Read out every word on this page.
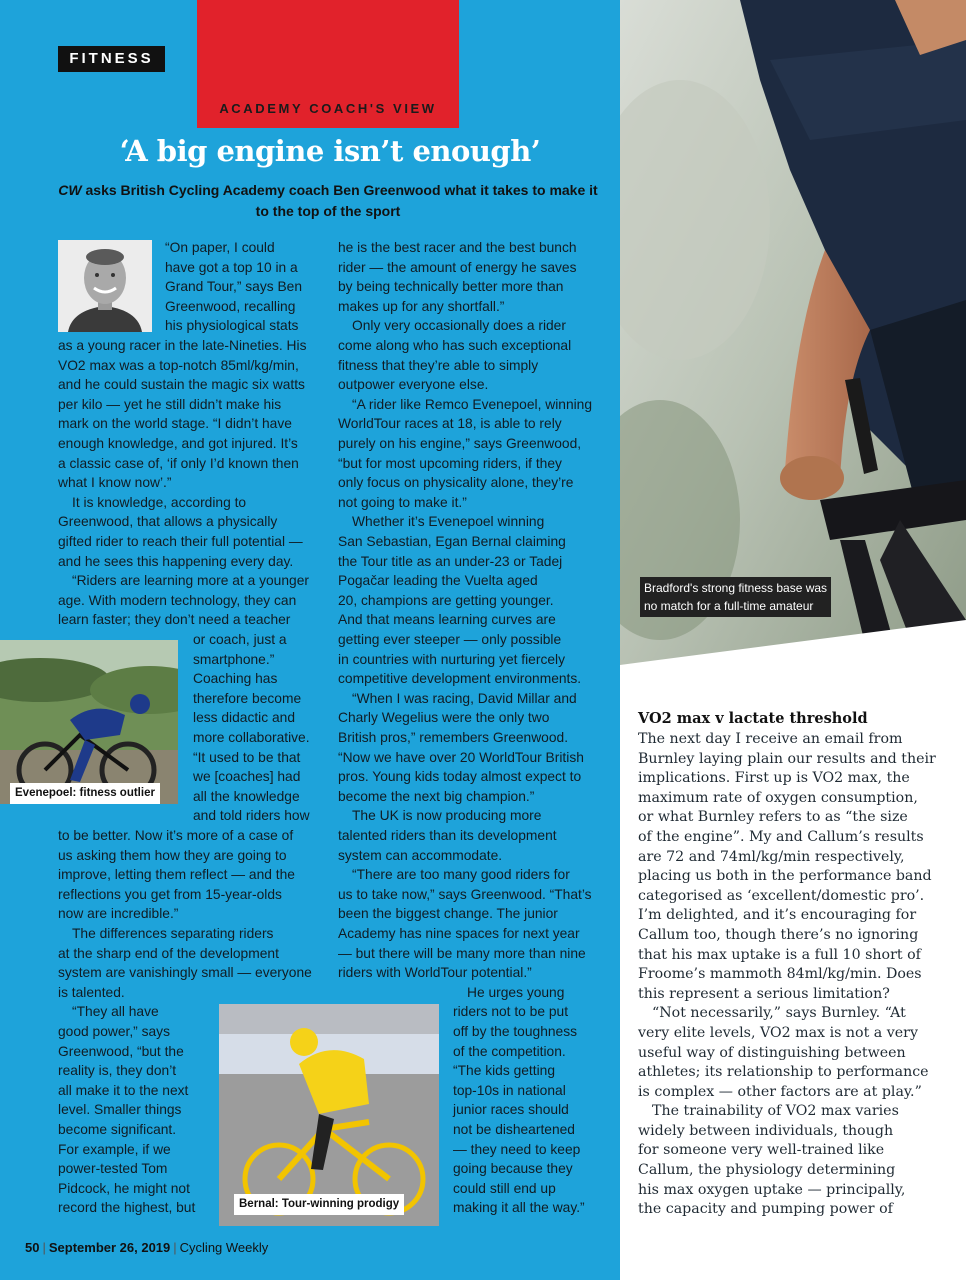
Bradford's strong fitness base was
no match for a full-time amateur
FITNESS
ACADEMY COACH'S VIEW
‘A big engine isn’t enough’
CW asks British Cycling Academy coach Ben Greenwood what it takes to make it to the top of the sport
Evenepoel: fitness outlier
Bernal: Tour-winning prodigy
“On paper, I could
have got a top 10 in a
Grand Tour,” says Ben
Greenwood, recalling
his physiological stats
as a young racer in the late-Nineties. His
VO2 max was a top-notch 85ml/kg/min,
and he could sustain the magic six watts
per kilo — yet he still didn’t make his
mark on the world stage. “I didn’t have
enough knowledge, and got injured. It’s
a classic case of, ‘if only I’d known then
what I know now’.”
It is knowledge, according to
Greenwood, that allows a physically
gifted rider to reach their full potential —
and he sees this happening every day.
“Riders are learning more at a younger
age. With modern technology, they can
learn faster; they don’t need a teacher
or coach, just a
smartphone.”
Coaching has
therefore become
less didactic and
more collaborative.
“It used to be that
we [coaches] had
all the knowledge
and told riders how
to be better. Now it’s more of a case of
us asking them how they are going to
improve, letting them reflect — and the
reflections you get from 15-year-olds
now are incredible.”
The differences separating riders
at the sharp end of the development
system are vanishingly small — everyone
is talented.
“They all have
good power,” says
Greenwood, “but the
reality is, they don’t
all make it to the next
level. Smaller things
become significant.
For example, if we
power-tested Tom
Pidcock, he might not
record the highest, but
he is the best racer and the best bunch
rider — the amount of energy he saves
by being technically better more than
makes up for any shortfall.”
Only very occasionally does a rider
come along who has such exceptional
fitness that they’re able to simply
outpower everyone else.
“A rider like Remco Evenepoel, winning
WorldTour races at 18, is able to rely
purely on his engine,” says Greenwood,
“but for most upcoming riders, if they
only focus on physicality alone, they’re
not going to make it.”
Whether it’s Evenepoel winning
San Sebastian, Egan Bernal claiming
the Tour title as an under-23 or Tadej
Pogačar leading the Vuelta aged
20, champions are getting younger.
And that means learning curves are
getting ever steeper — only possible
in countries with nurturing yet fiercely
competitive development environments.
“When I was racing, David Millar and
Charly Wegelius were the only two
British pros,” remembers Greenwood.
“Now we have over 20 WorldTour British
pros. Young kids today almost expect to
become the next big champion.”
The UK is now producing more
talented riders than its development
system can accommodate.
“There are too many good riders for
us to take now,” says Greenwood. “That’s
been the biggest change. The junior
Academy has nine spaces for next year
— but there will be many more than nine
riders with WorldTour potential.”
He urges young
riders not to be put
off by the toughness
of the competition.
“The kids getting
top-10s in national
junior races should
not be disheartened
— they need to keep
going because they
could still end up
making it all the way.”
VO2 max v lactate threshold
The next day I receive an email from
Burnley laying plain our results and their
implications. First up is VO2 max, the
maximum rate of oxygen consumption,
or what Burnley refers to as “the size
of the engine”. My and Callum’s results
are 72 and 74ml/kg/min respectively,
placing us both in the performance band
categorised as ‘excellent/domestic pro’.
I’m delighted, and it’s encouraging for
Callum too, though there’s no ignoring
that his max uptake is a full 10 short of
Froome’s mammoth 84ml/kg/min. Does
this represent a serious limitation?
“Not necessarily,” says Burnley. “At
very elite levels, VO2 max is not a very
useful way of distinguishing between
athletes; its relationship to performance
is complex — other factors are at play.”
The trainability of VO2 max varies
widely between individuals, though
for someone very well-trained like
Callum, the physiology determining
his max oxygen uptake — principally,
the capacity and pumping power of
50 | September 26, 2019 | Cycling Weekly
